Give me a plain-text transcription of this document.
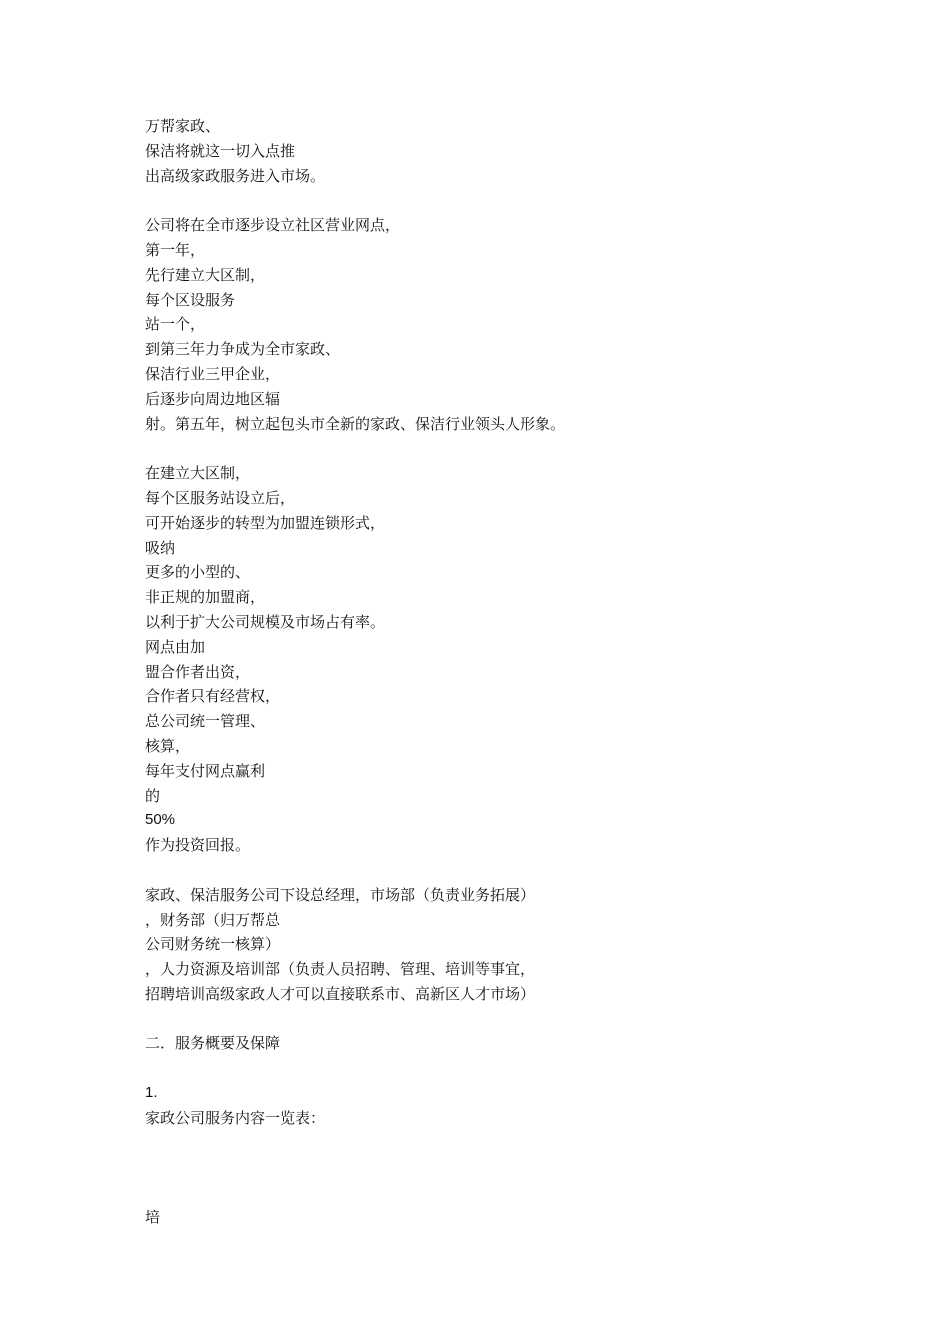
万帮家政、
保洁将就这一切入点推
出高级家政服务进入市场。
公司将在全市逐步设立社区营业网点，
第一年，
先行建立大区制，
每个区设服务
站一个，
到第三年力争成为全市家政、
保洁行业三甲企业，
后逐步向周边地区辐
射。第五年，树立起包头市全新的家政、保洁行业领头人形象。
在建立大区制，
每个区服务站设立后，
可开始逐步的转型为加盟连锁形式，
吸纳
更多的小型的、
非正规的加盟商，
以利于扩大公司规模及市场占有率。
网点由加
盟合作者出资，
合作者只有经营权，
总公司统一管理、
核算，
每年支付网点赢利
的
50%
作为投资回报。
家政、保洁服务公司下设总经理，市场部（负责业务拓展）
，财务部（归万帮总
公司财务统一核算）
，人力资源及培训部（负责人员招聘、管理、培训等事宜，
招聘培训高级家政人才可以直接联系市、高新区人才市场）
二．服务概要及保障
1.
家政公司服务内容一览表：
培
